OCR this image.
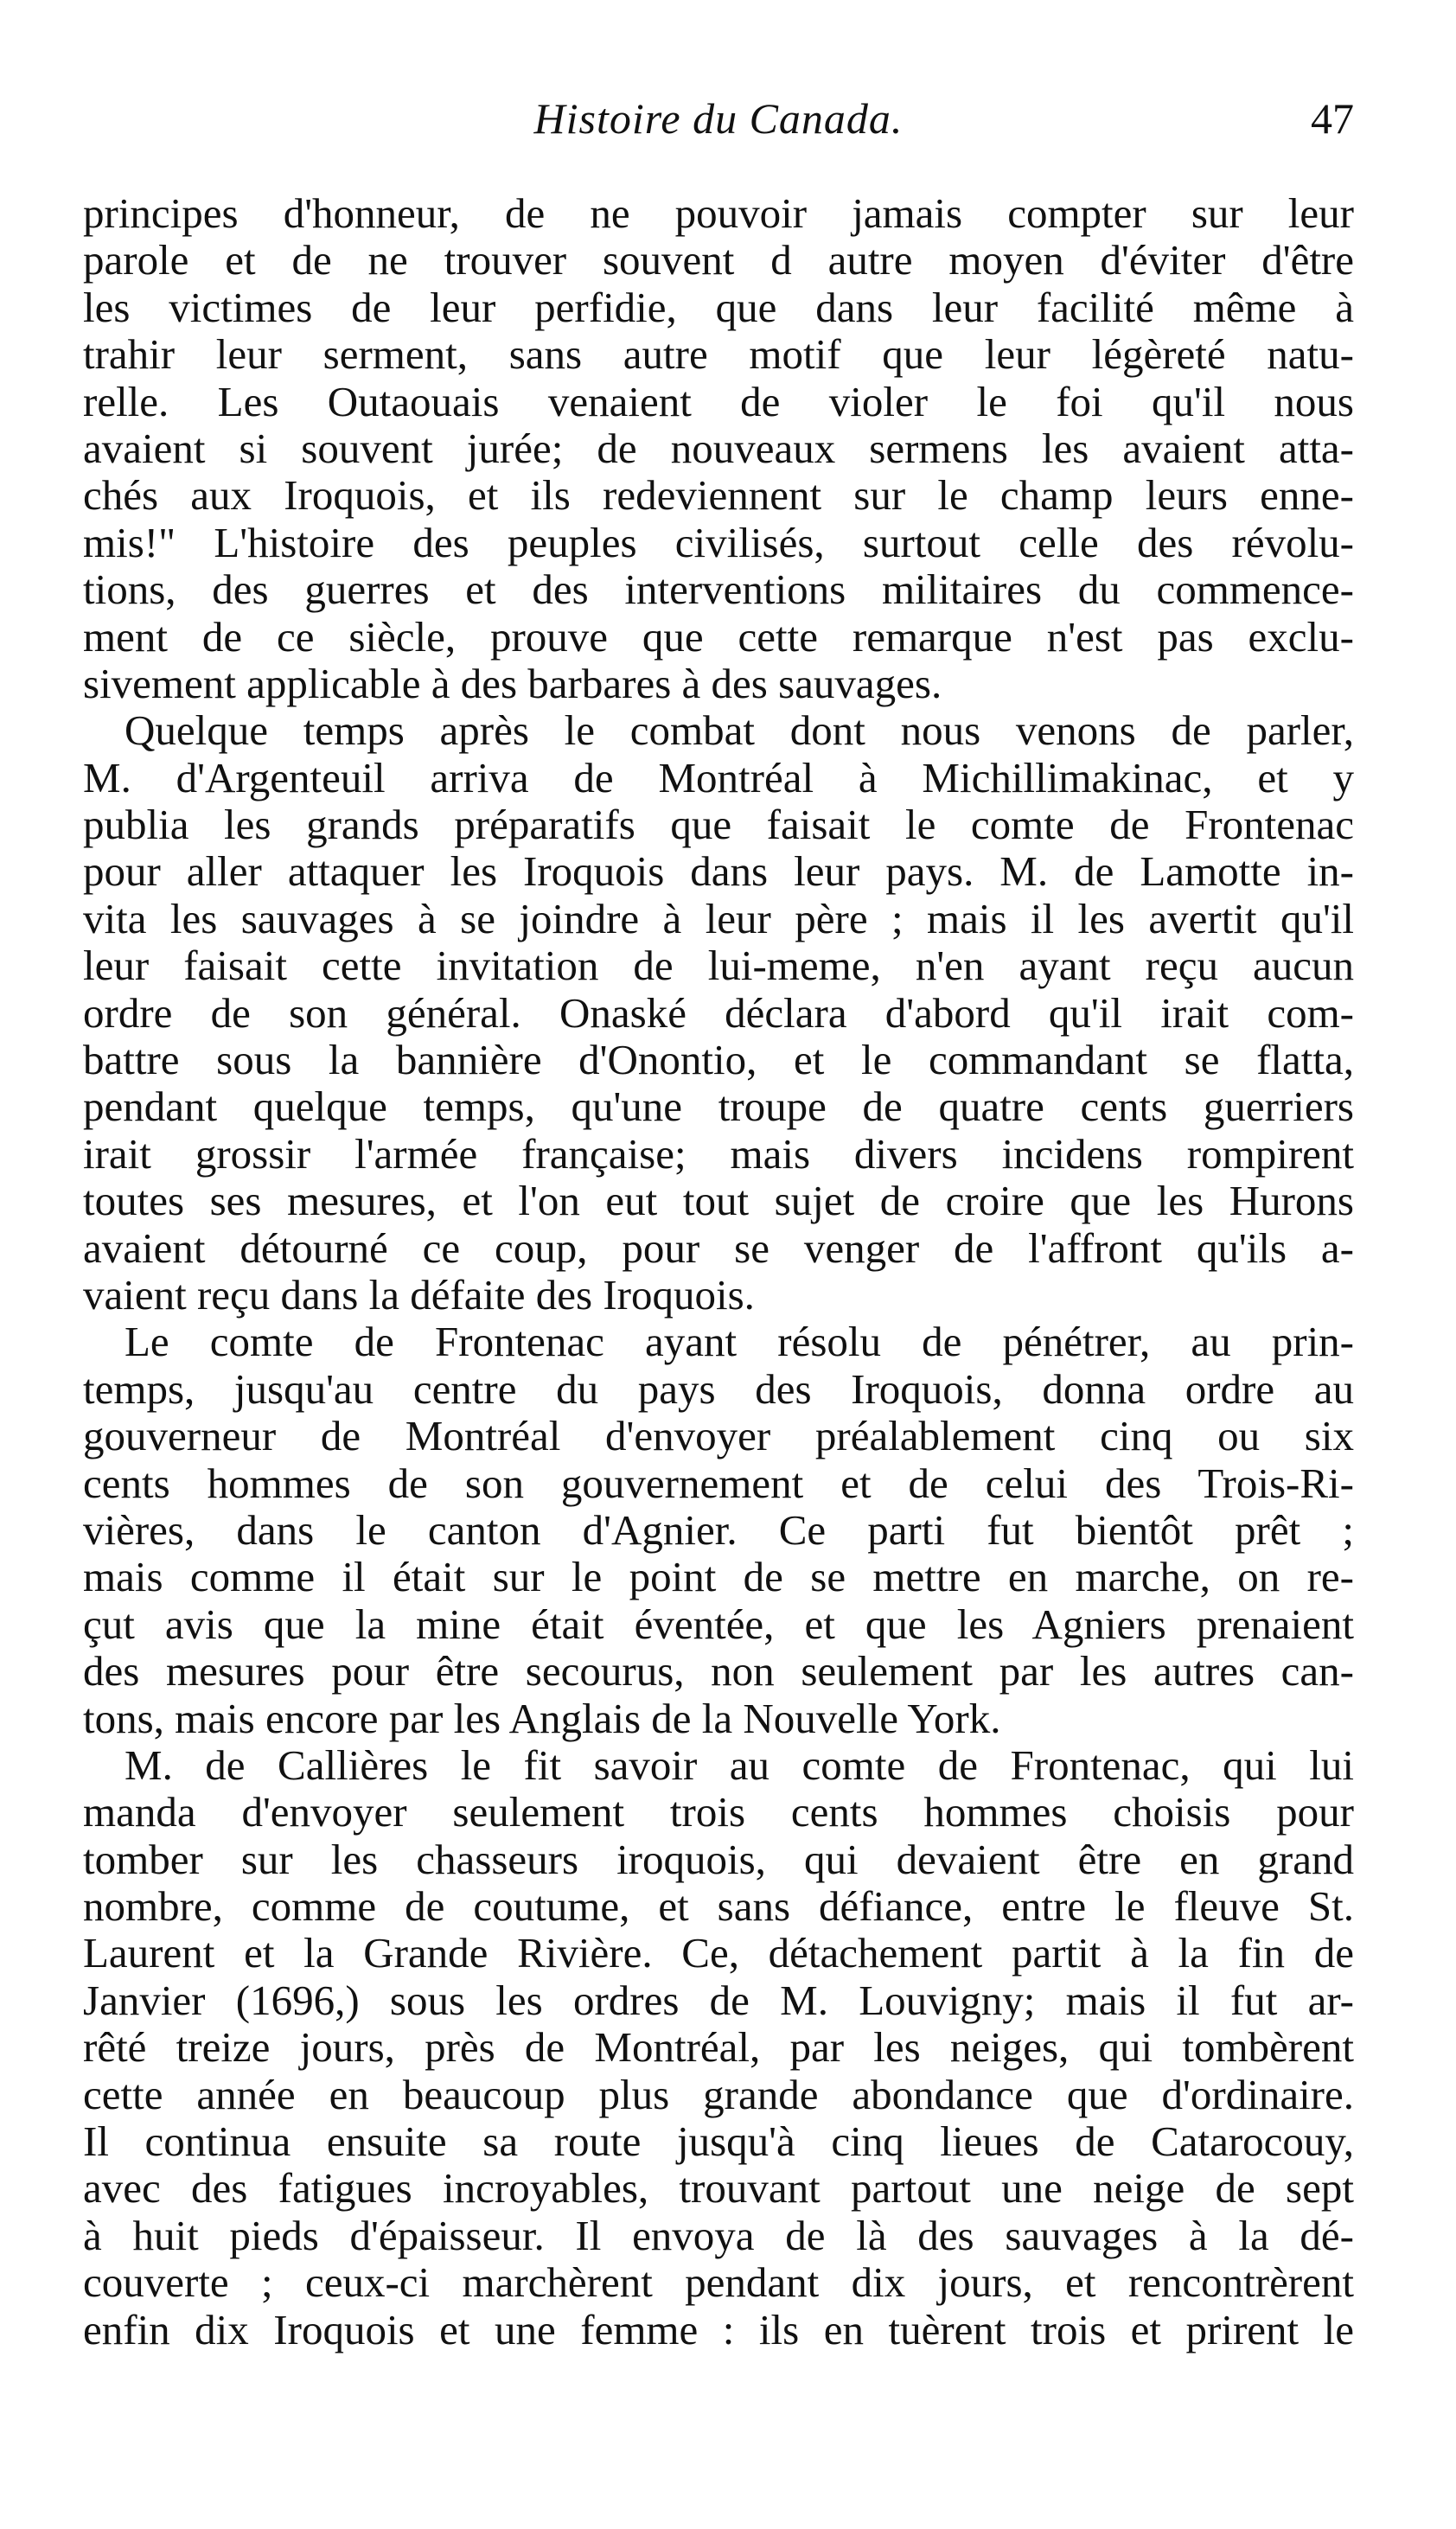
Histoire du Canada.	47
principes d'honneur, de ne pouvoir jamais compter sur leur
parole et de ne trouver souvent d autre moyen d'éviter d'être
les victimes de leur perfidie, que dans leur facilité même à
trahir leur serment, sans autre motif que leur légèreté natu-
relle. Les Outaouais venaient de violer le foi qu'il nous
avaient si souvent jurée; de nouveaux sermens les avaient atta-
chés aux Iroquois, et ils redeviennent sur le champ leurs enne-
mis!" L'histoire des peuples civilisés, surtout celle des révolu-
tions, des guerres et des interventions militaires du commence-
ment de ce siècle, prouve que cette remarque n'est pas exclu-
sivement applicable à des barbares à des sauvages.
Quelque temps après le combat dont nous venons de parler,
M. d'Argenteuil arriva de Montréal à Michillimakinac, et y
publia les grands préparatifs que faisait le comte de Frontenac
pour aller attaquer les Iroquois dans leur pays. M. de Lamotte in-
vita les sauvages à se joindre à leur père ; mais il les avertit qu'il
leur faisait cette invitation de lui-meme, n'en ayant reçu aucun
ordre de son général. Onaské déclara d'abord qu'il irait com-
battre sous la bannière d'Onontio, et le commandant se flatta,
pendant quelque temps, qu'une troupe de quatre cents guerriers
irait grossir l'armée française; mais divers incidens rompirent
toutes ses mesures, et l'on eut tout sujet de croire que les Hurons
avaient détourné ce coup, pour se venger de l'affront qu'ils a-
vaient reçu dans la défaite des Iroquois.
Le comte de Frontenac ayant résolu de pénétrer, au prin-
temps, jusqu'au centre du pays des Iroquois, donna ordre au
gouverneur de Montréal d'envoyer préalablement cinq ou six
cents hommes de son gouvernement et de celui des Trois-Ri-
vières, dans le canton d'Agnier. Ce parti fut bientôt prêt ;
mais comme il était sur le point de se mettre en marche, on re-
çut avis que la mine était éventée, et que les Agniers prenaient
des mesures pour être secourus, non seulement par les autres can-
tons, mais encore par les Anglais de la Nouvelle York.
M. de Callières le fit savoir au comte de Frontenac, qui lui
manda d'envoyer seulement trois cents hommes choisis pour
tomber sur les chasseurs iroquois, qui devaient être en grand
nombre, comme de coutume, et sans défiance, entre le fleuve St.
Laurent et la Grande Rivière. Ce, détachement partit à la fin de
Janvier (1696,) sous les ordres de M. Louvigny; mais il fut ar-
rêté treize jours, près de Montréal, par les neiges, qui tombèrent
cette année en beaucoup plus grande abondance que d'ordinaire.
Il continua ensuite sa route jusqu'à cinq lieues de Catarocouy,
avec des fatigues incroyables, trouvant partout une neige de sept
à huit pieds d'épaisseur. Il envoya de là des sauvages à la dé-
couverte ; ceux-ci marchèrent pendant dix jours, et rencontrèrent
enfin dix Iroquois et une femme : ils en tuèrent trois et prirent le
